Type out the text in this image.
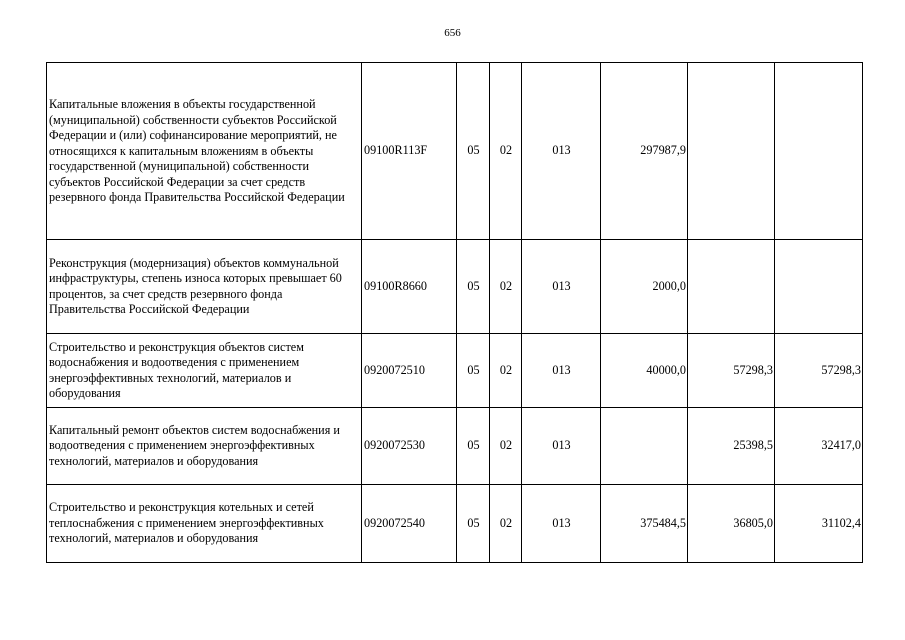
656
Капитальные вложения в объекты государственной (муниципальной) собственности субъектов Российской Федерации и (или) софинансирование мероприятий, не относящихся к капитальным вложениям в объекты государственной (муниципальной) собственности субъектов Российской Федерации за счет средств резервного фонда Правительства Российской Федерации	09100R113F	05	02	013	297987,9		
Реконструкция (модернизация) объектов коммунальной инфраструктуры, степень износа которых превышает 60 процентов, за счет средств резервного фонда Правительства Российской Федерации	09100R8660	05	02	013	2000,0		
Строительство и реконструкция объектов систем водоснабжения и водоотведения с применением энергоэффективных технологий, материалов и оборудования	0920072510	05	02	013	40000,0	57298,3	57298,3
Капитальный ремонт объектов систем водоснабжения и водоотведения с применением энергоэффективных технологий, материалов и оборудования	0920072530	05	02	013		25398,5	32417,0
Строительство и реконструкция котельных и сетей теплоснабжения с применением энергоэффективных технологий, материалов и оборудования	0920072540	05	02	013	375484,5	36805,0	31102,4
